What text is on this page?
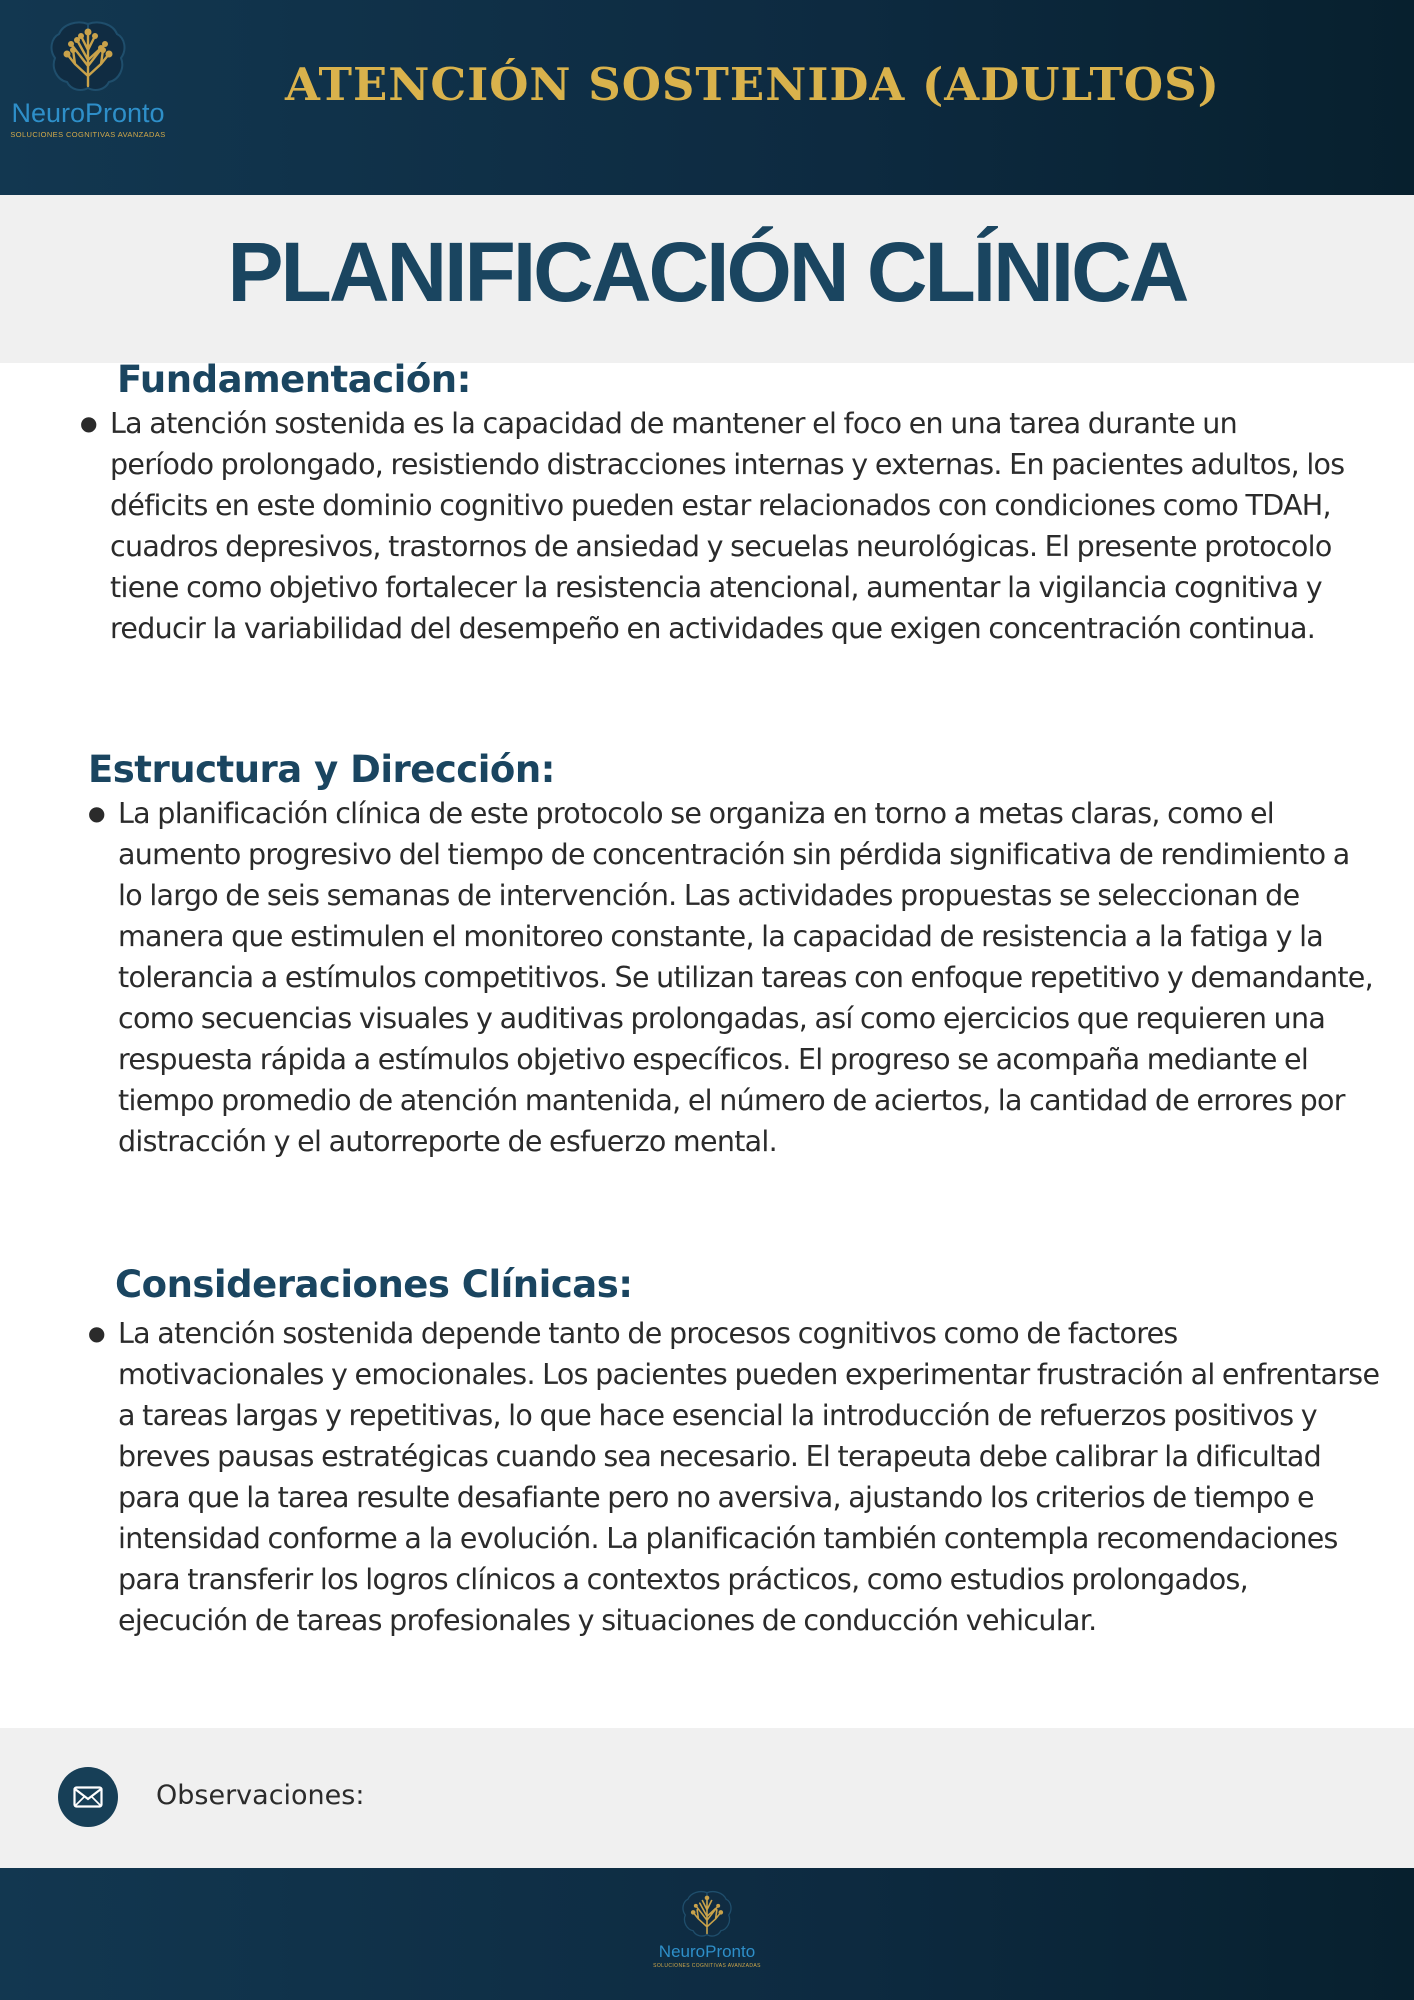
NeuroPronto
SOLUCIONES COGNITIVAS AVANZADAS
ATENCIÓN SOSTENIDA (ADULTOS)
PLANIFICACIÓN CLÍNICA
Fundamentación:
● La atención sostenida es la capacidad de mantener el foco en una tarea durante un período prolongado, resistiendo distracciones internas y externas. En pacientes adultos, los déficits en este dominio cognitivo pueden estar relacionados con condiciones como TDAH, cuadros depresivos, trastornos de ansiedad y secuelas neurológicas. El presente protocolo tiene como objetivo fortalecer la resistencia atencional, aumentar la vigilancia cognitiva y reducir la variabilidad del desempeño en actividades que exigen concentración continua.

Estructura y Dirección:
● La planificación clínica de este protocolo se organiza en torno a metas claras, como el aumento progresivo del tiempo de concentración sin pérdida significativa de rendimiento a lo largo de seis semanas de intervención. Las actividades propuestas se seleccionan de manera que estimulen el monitoreo constante, la capacidad de resistencia a la fatiga y la tolerancia a estímulos competitivos. Se utilizan tareas con enfoque repetitivo y demandante, como secuencias visuales y auditivas prolongadas, así como ejercicios que requieren una respuesta rápida a estímulos objetivo específicos. El progreso se acompaña mediante el tiempo promedio de atención mantenida, el número de aciertos, la cantidad de errores por distracción y el autorreporte de esfuerzo mental.

Consideraciones Clínicas:
● La atención sostenida depende tanto de procesos cognitivos como de factores motivacionales y emocionales. Los pacientes pueden experimentar frustración al enfrentarse a tareas largas y repetitivas, lo que hace esencial la introducción de refuerzos positivos y breves pausas estratégicas cuando sea necesario. El terapeuta debe calibrar la dificultad para que la tarea resulte desafiante pero no aversiva, ajustando los criterios de tiempo e intensidad conforme a la evolución. La planificación también contempla recomendaciones para transferir los logros clínicos a contextos prácticos, como estudios prolongados, ejecución de tareas profesionales y situaciones de conducción vehicular.

Observaciones:

NeuroPronto
SOLUCIONES COGNITIVAS AVANZADAS
